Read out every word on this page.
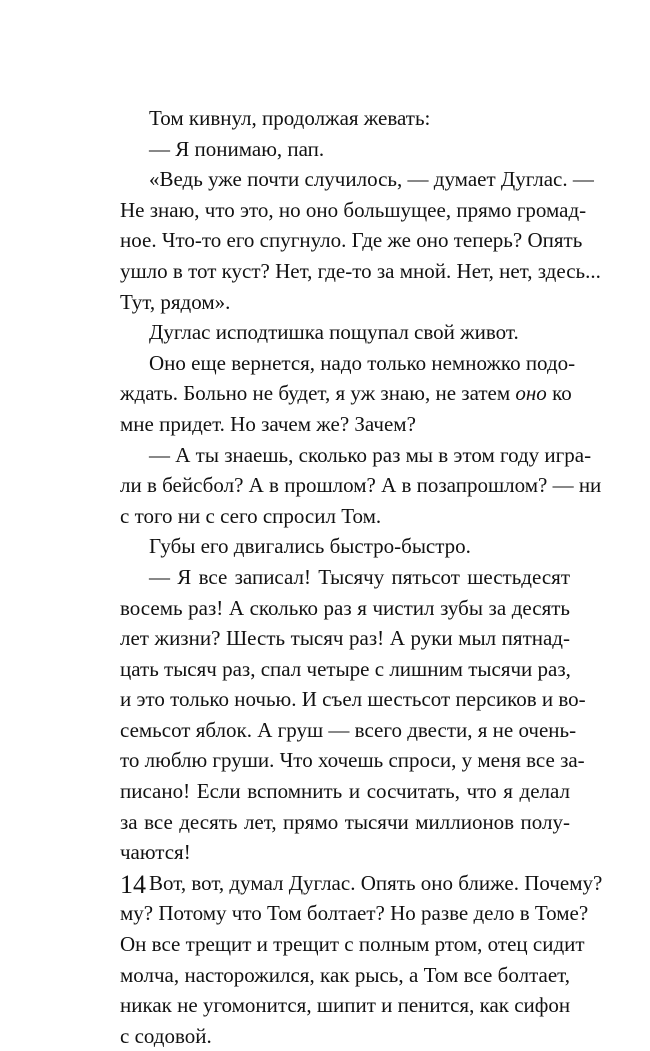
Том кивнул, продолжая жевать:
— Я понимаю, пап.
«Ведь уже почти случилось, — думает Дуглас. —
Не знаю, что это, но оно большущее, прямо громад-
ное. Что-то его спугнуло. Где же оно теперь? Опять
ушло в тот куст? Нет, где-то за мной. Нет, нет, здесь...
Тут, рядом».
Дуглас исподтишка пощупал свой живот.
Оно еще вернется, надо только немножко подо-
ждать. Больно не будет, я уж знаю, не затем оно ко
мне придет. Но зачем же? Зачем?
— А ты знаешь, сколько раз мы в этом году игра-
ли в бейсбол? А в прошлом? А в позапрошлом? — ни
с того ни с сего спросил Том.
Губы его двигались быстро-быстро.
— Я все записал! Тысячу пятьсот шестьдесят
восемь раз! А сколько раз я чистил зубы за десять
лет жизни? Шесть тысяч раз! А руки мыл пятнад-
цать тысяч раз, спал четыре с лишним тысячи раз,
и это только ночью. И съел шестьсот персиков и во-
семьсот яблок. А груш — всего двести, я не очень-
то люблю груши. Что хочешь спроси, у меня все за-
писано! Если вспомнить и сосчитать, что я делал
за все десять лет, прямо тысячи миллионов полу-
чаются!
Вот, вот, думал Дуглас. Опять оно ближе. Почему?
му? Потому что Том болтает? Но разве дело в Томе?
Он все трещит и трещит с полным ртом, отец сидит
молча, насторожился, как рысь, а Том все болтает,
никак не угомонится, шипит и пенится, как сифон
с содовой.
14
